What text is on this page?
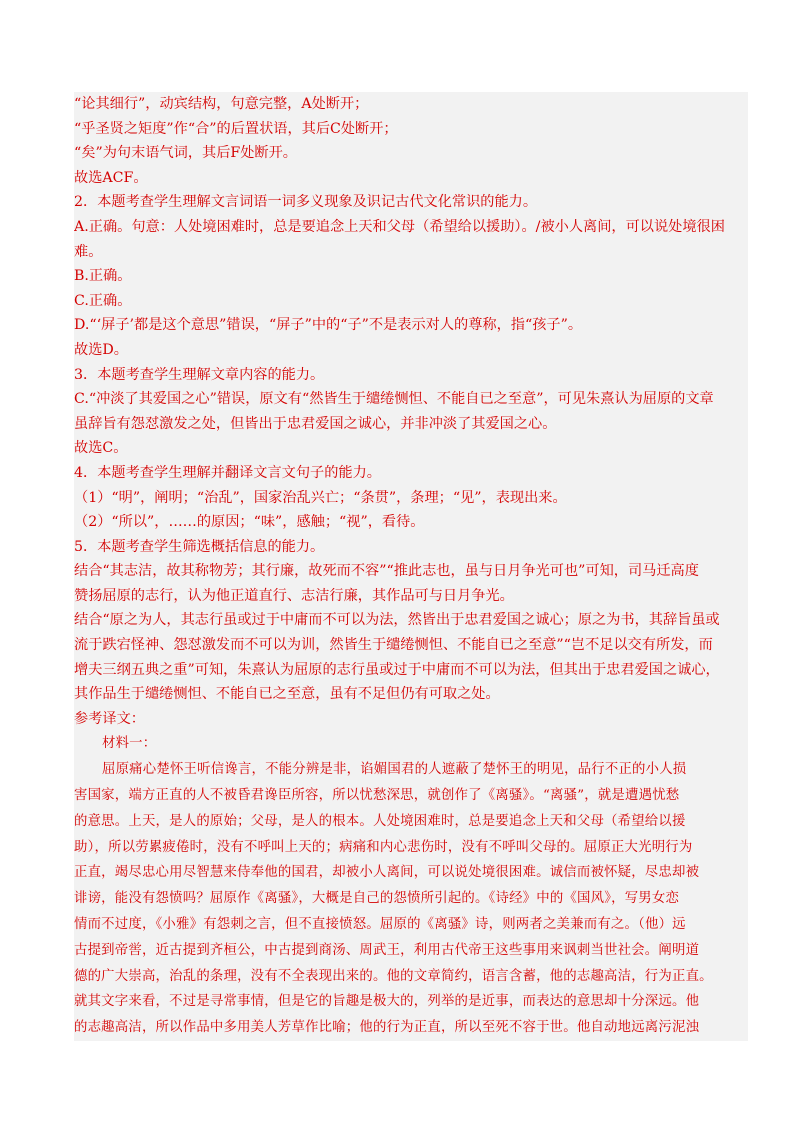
“论其细行”，动宾结构，句意完整，A处断开；
“乎圣贤之矩度”作“合”的后置状语，其后C处断开；
“矣”为句末语气词，其后F处断开。
故选ACF。
2．本题考查学生理解文言词语一词多义现象及识记古代文化常识的能力。
A.正确。句意：人处境困难时，总是要追念上天和父母（希望给以援助）。/被小人离间，可以说处境很困
难。
B.正确。
C.正确。
D.“‘屏子’都是这个意思”错误，“屏子”中的“子”不是表示对人的尊称，指“孩子”。
故选D。
3．本题考查学生理解文章内容的能力。
C.“冲淡了其爱国之心”错误，原文有“然皆生于缱绻恻怛、不能自已之至意”，可见朱熹认为屈原的文章
虽辞旨有怨怼激发之处，但皆出于忠君爱国之诚心，并非冲淡了其爱国之心。
故选C。
4．本题考查学生理解并翻译文言文句子的能力。
（1）“明”，阐明；“治乱”，国家治乱兴亡；“条贯”，条理；“见”，表现出来。
（2）“所以”，……的原因；“味”，感触；“视”，看待。
5．本题考查学生筛选概括信息的能力。
结合“其志洁，故其称物芳；其行廉，故死而不容”“推此志也，虽与日月争光可也”可知，司马迁高度
赞扬屈原的志行，认为他正道直行、志洁行廉，其作品可与日月争光。
结合“原之为人，其志行虽或过于中庸而不可以为法，然皆出于忠君爱国之诚心；原之为书，其辞旨虽或
流于跌宕怪神、怨怼激发而不可以为训，然皆生于缱绻恻怛、不能自已之至意”“岂不足以交有所发，而
增夫三纲五典之重”可知，朱熹认为屈原的志行虽或过于中庸而不可以为法，但其出于忠君爱国之诚心，
其作品生于缱绻恻怛、不能自已之至意，虽有不足但仍有可取之处。
参考译文：
材料一：
屈原痛心楚怀王听信谗言，不能分辨是非，谄媚国君的人遮蔽了楚怀王的明见，品行不正的小人损
害国家，端方正直的人不被昏君谗臣所容，所以忧愁深思，就创作了《离骚》。“离骚”，就是遭遇忧愁
的意思。上天，是人的原始；父母，是人的根本。人处境困难时，总是要追念上天和父母（希望给以援
助），所以劳累疲倦时，没有不呼叫上天的；病痛和内心悲伤时，没有不呼叫父母的。屈原正大光明行为
正直，竭尽忠心用尽智慧来侍奉他的国君，却被小人离间，可以说处境很困难。诚信而被怀疑，尽忠却被
诽谤，能没有怨愤吗？屈原作《离骚》，大概是自己的怨愤所引起的。《诗经》中的《国风》，写男女恋
情而不过度，《小雅》有怨刺之言，但不直接愤怒。屈原的《离骚》诗，则两者之美兼而有之。（他）远
古提到帝喾，近古提到齐桓公，中古提到商汤、周武王，利用古代帝王这些事用来讽刺当世社会。阐明道
德的广大崇高，治乱的条理，没有不全表现出来的。他的文章简约，语言含蓄，他的志趣高洁，行为正直。
就其文字来看，不过是寻常事情，但是它的旨趣是极大的，列举的是近事，而表达的意思却十分深远。他
的志趣高洁，所以作品中多用美人芳草作比喻；他的行为正直，所以至死不容于世。他自动地远离污泥浊
